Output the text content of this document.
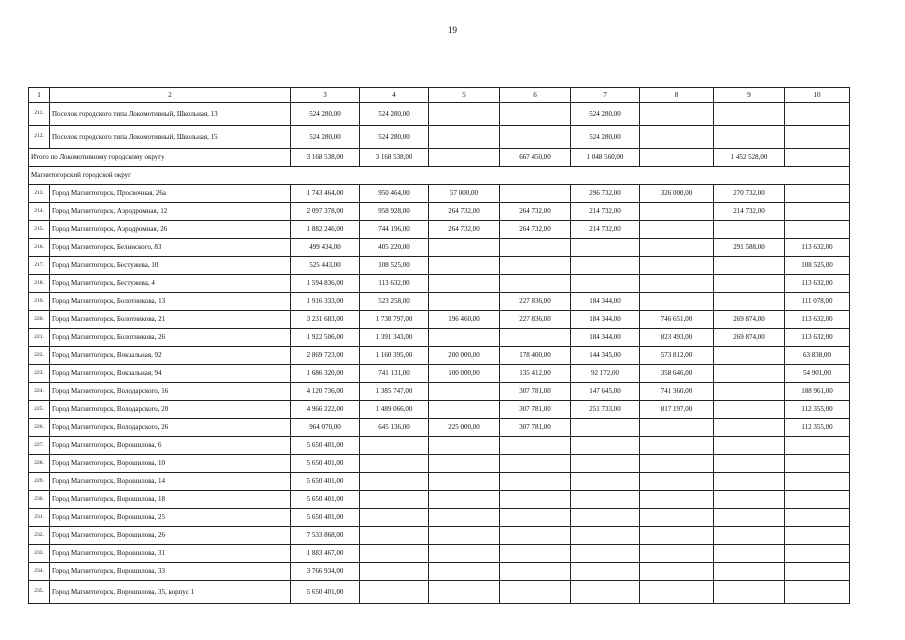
19
1	2	3	4	5	6	7	8	9	10
211.	Поселок городского типа Локомотивный, Школьная, 13	524 280,00	524 280,00			524 280,00			
212.	Поселок городского типа Локомотивный, Школьная, 15	524 280,00	524 280,00			524 280,00			
Итого по Локомотивному городскому округу		3 168 538,00	3 168 538,00		667 450,00	1 048 560,00		1 452 528,00	
Магнитогорский городской округ									
213.	Город Магнитогорск, Просвочная, 26а	1 743 464,00	950 464,00	57 000,00		296 732,00	326 000,00	270 732,00	
214.	Город Магнитогорск, Аэродромная, 12	2 097 378,00	958 928,00	264 732,00	264 732,00	214 732,00		214 732,00	
215.	Город Магнитогорск, Аэродромная, 26	1 882 246,00	744 196,00	264 732,00	264 732,00	214 732,00			
216.	Город Магнитогорск, Белинского, 83	499 434,00	405 220,00					291 588,00	113 632,00
217.	Город Магнитогорск, Бестужева, 10	525 443,00	108 525,00						108 525,00
218.	Город Магнитогорск, Бестужева, 4	1 594 836,00	113 632,00						113 632,00
219.	Город Магнитогорск, Болотникова, 13	1 916 333,00	523 258,00		227 836,00	184 344,00			111 078,00
220.	Город Магнитогорск, Болотникова, 21	3 231 683,00	1 738 797,00	196 460,00	227 836,00	184 344,00	746 651,00	269 874,00	113 632,00
221.	Город Магнитогорск, Болотникова, 26	1 922 506,00	1 391 343,00			184 344,00	823 493,00	269 874,00	113 632,00
222.	Город Магнитогорск, Вокзальная, 92	2 869 723,00	1 160 395,00	200 000,00	178 400,00	144 345,00	573 812,00		63 838,00
223.	Город Магнитогорск, Вокзальная, 94	1 686 320,00	741 131,00	100 000,00	135 412,00	92 172,00	358 646,00		54 901,00
224.	Город Магнитогорск, Володарского, 16	4 120 736,00	1 385 747,00		307 781,00	147 645,00	741 360,00		188 961,00
225.	Город Магнитогорск, Володарского, 20	4 966 222,00	1 489 066,00		307 781,00	251 733,00	817 197,00		112 355,00
226.	Город Магнитогорск, Володарского, 26	964 070,00	645 136,00	225 000,00	307 781,00				112 355,00
227.	Город Магнитогорск, Ворошилова, 6	5 650 401,00							
228.	Город Магнитогорск, Ворошилова, 10	5 650 401,00							
229.	Город Магнитогорск, Ворошилова, 14	5 650 401,00							
230.	Город Магнитогорск, Ворошилова, 18	5 650 401,00							
231.	Город Магнитогорск, Ворошилова, 25	5 650 401,00							
232.	Город Магнитогорск, Ворошилова, 26	7 533 868,00							
233.	Город Магнитогорск, Ворошилова, 31	1 883 467,00							
234.	Город Магнитогорск, Ворошилова, 33	3 766 934,00							
235.	Город Магнитогорск, Ворошилова, 35, корпус 1	5 650 401,00							
